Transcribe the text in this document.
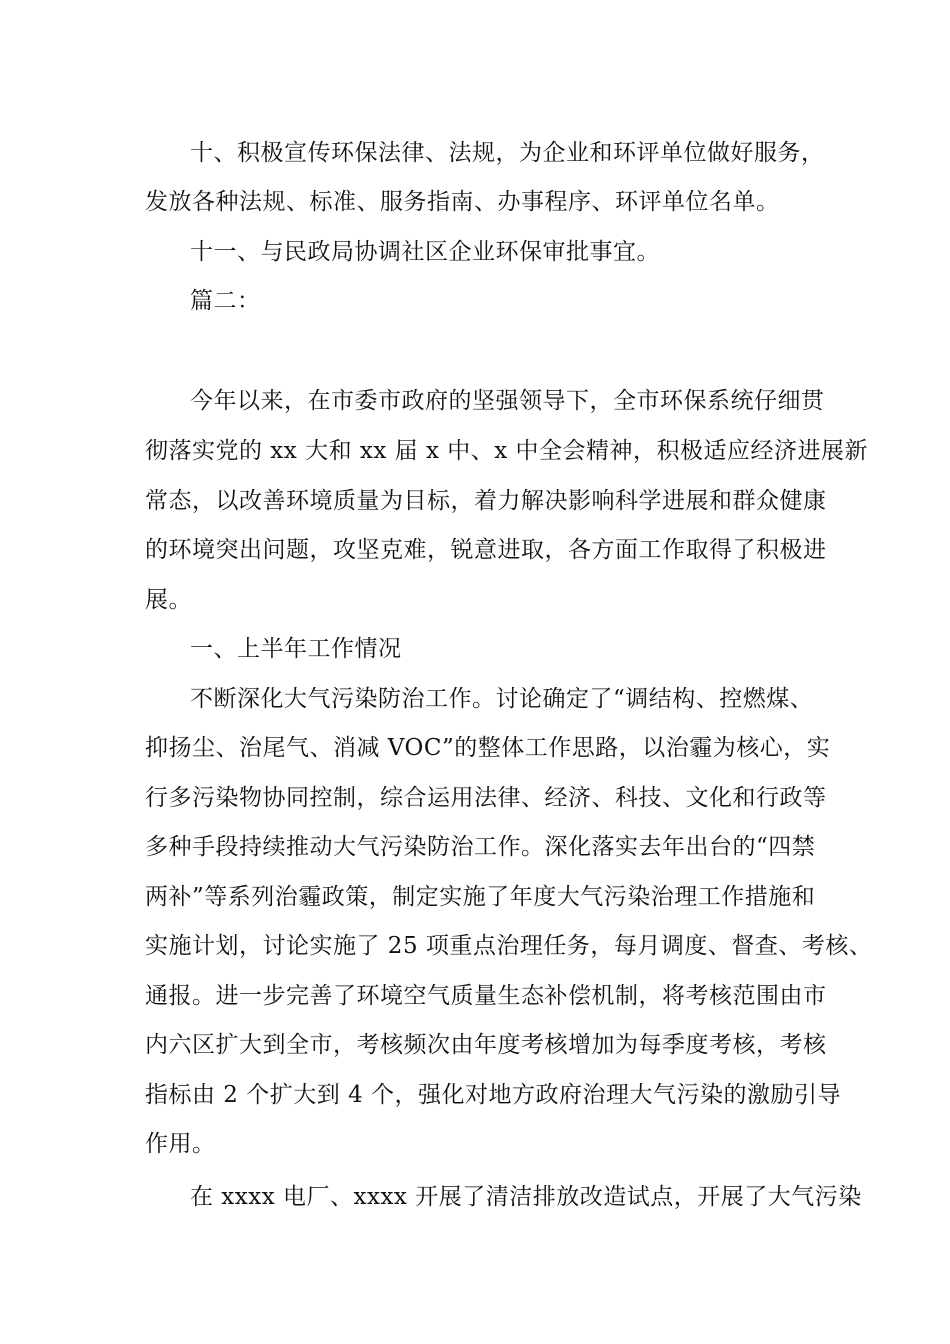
十、积极宣传环保法律、法规，为企业和环评单位做好服务，
发放各种法规、标准、服务指南、办事程序、环评单位名单。
十一、与民政局协调社区企业环保审批事宜。
篇二：
今年以来，在市委市政府的坚强领导下，全市环保系统仔细贯
彻落实党的 xx 大和 xx 届 x 中、x 中全会精神，积极适应经济进展新
常态，以改善环境质量为目标，着力解决影响科学进展和群众健康
的环境突出问题，攻坚克难，锐意进取，各方面工作取得了积极进
展。
一、上半年工作情况
不断深化大气污染防治工作。讨论确定了“调结构、控燃煤、
抑扬尘、治尾气、消减 VOC”的整体工作思路，以治霾为核心，实
行多污染物协同控制，综合运用法律、经济、科技、文化和行政等
多种手段持续推动大气污染防治工作。深化落实去年出台的“四禁
两补”等系列治霾政策，制定实施了年度大气污染治理工作措施和
实施计划，讨论实施了 25 项重点治理任务，每月调度、督查、考核、
通报。进一步完善了环境空气质量生态补偿机制，将考核范围由市
内六区扩大到全市，考核频次由年度考核增加为每季度考核，考核
指标由 2 个扩大到 4 个，强化对地方政府治理大气污染的激励引导
作用。
在 xxxx 电厂、xxxx 开展了清洁排放改造试点，开展了大气污染
